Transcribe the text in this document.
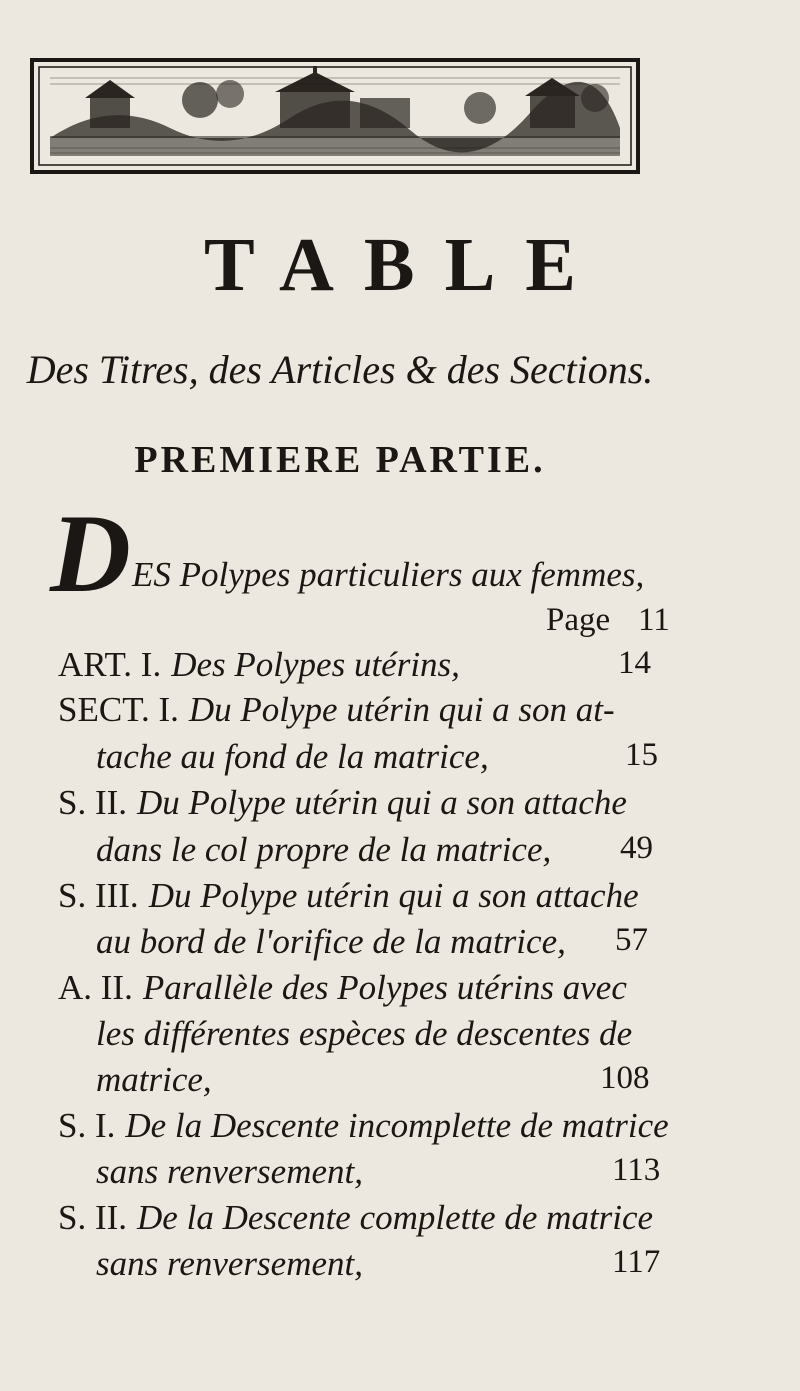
TABLE
Des Titres, des Articles & des Sections.
PREMIERE PARTIE.
D ES Polypes particuliers aux femmes,
Page 11
ART. I. Des Polypes utérins,	14
SECT. I. Du Polype utérin qui a son at-
tache au fond de la matrice,	15
S. II. Du Polype utérin qui a son attache
dans le col propre de la matrice, 49
S. III. Du Polype utérin qui a son attache
au bord de l'orifice de la matrice, 57
A. II. Parallèle des Polypes utérins avec
les différentes espèces de descentes de
matrice,	108
S. I. De la Descente incomplette de matrice
sans renversement,	113
S. II. De la Descente complette de matrice
sans renversement,	117
